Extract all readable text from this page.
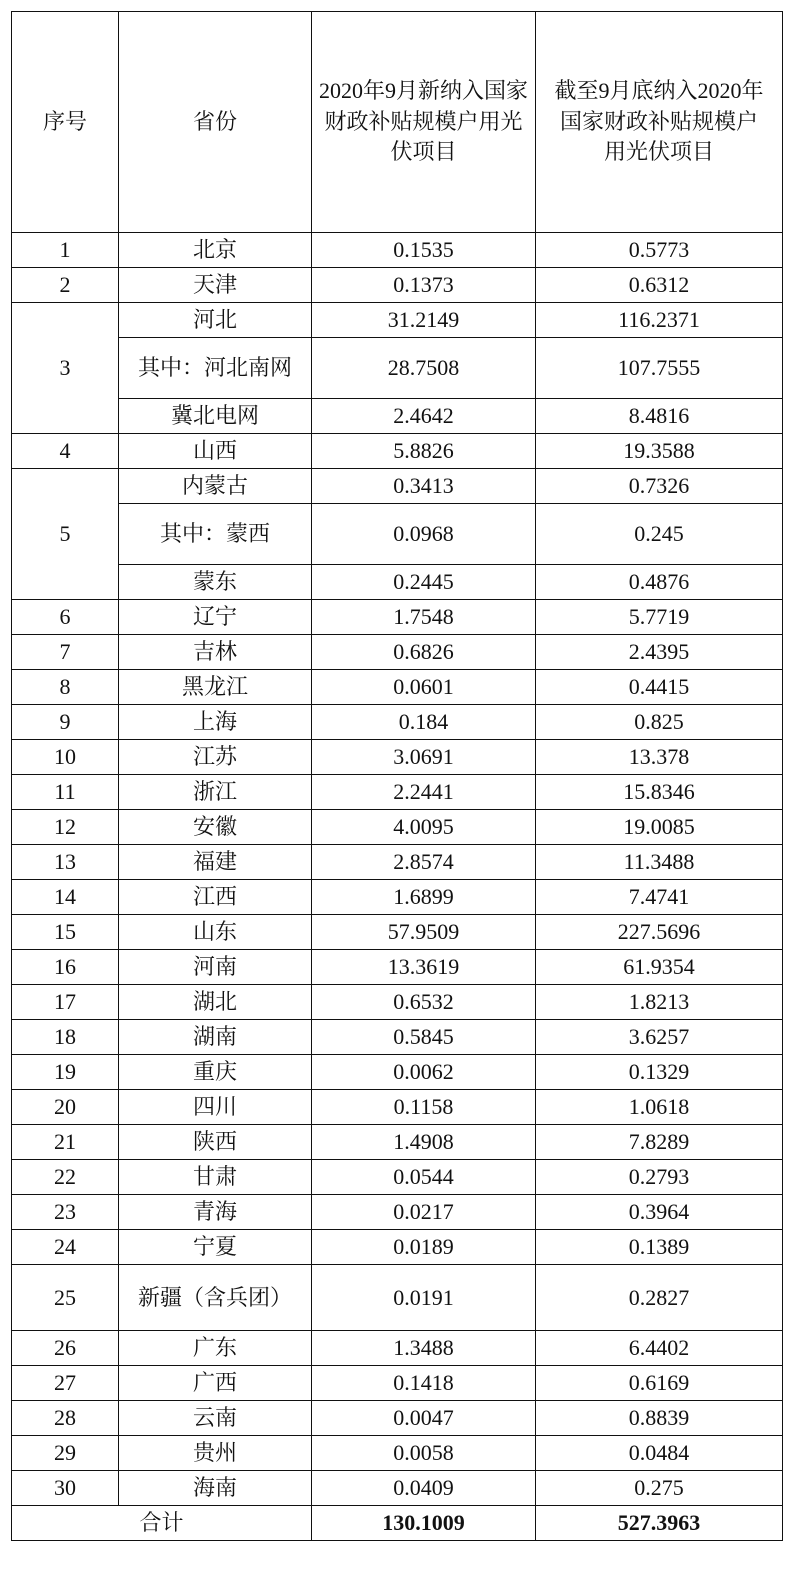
序号	省份	2020年9月新纳入国家财政补贴规模户用光伏项目	截至9月底纳入2020年国家财政补贴规模户用光伏项目
1	北京	0.1535	0.5773
2	天津	0.1373	0.6312
3	河北	31.2149	116.2371
	其中：河北南网	28.7508	107.7555
	冀北电网	2.4642	8.4816
4	山西	5.8826	19.3588
5	内蒙古	0.3413	0.7326
	其中：蒙西	0.0968	0.245
	蒙东	0.2445	0.4876
6	辽宁	1.7548	5.7719
7	吉林	0.6826	2.4395
8	黑龙江	0.0601	0.4415
9	上海	0.184	0.825
10	江苏	3.0691	13.378
11	浙江	2.2441	15.8346
12	安徽	4.0095	19.0085
13	福建	2.8574	11.3488
14	江西	1.6899	7.4741
15	山东	57.9509	227.5696
16	河南	13.3619	61.9354
17	湖北	0.6532	1.8213
18	湖南	0.5845	3.6257
19	重庆	0.0062	0.1329
20	四川	0.1158	1.0618
21	陕西	1.4908	7.8289
22	甘肃	0.0544	0.2793
23	青海	0.0217	0.3964
24	宁夏	0.0189	0.1389
25	新疆（含兵团）	0.0191	0.2827
26	广东	1.3488	6.4402
27	广西	0.1418	0.6169
28	云南	0.0047	0.8839
29	贵州	0.0058	0.0484
30	海南	0.0409	0.275
合计		130.1009	527.3963
